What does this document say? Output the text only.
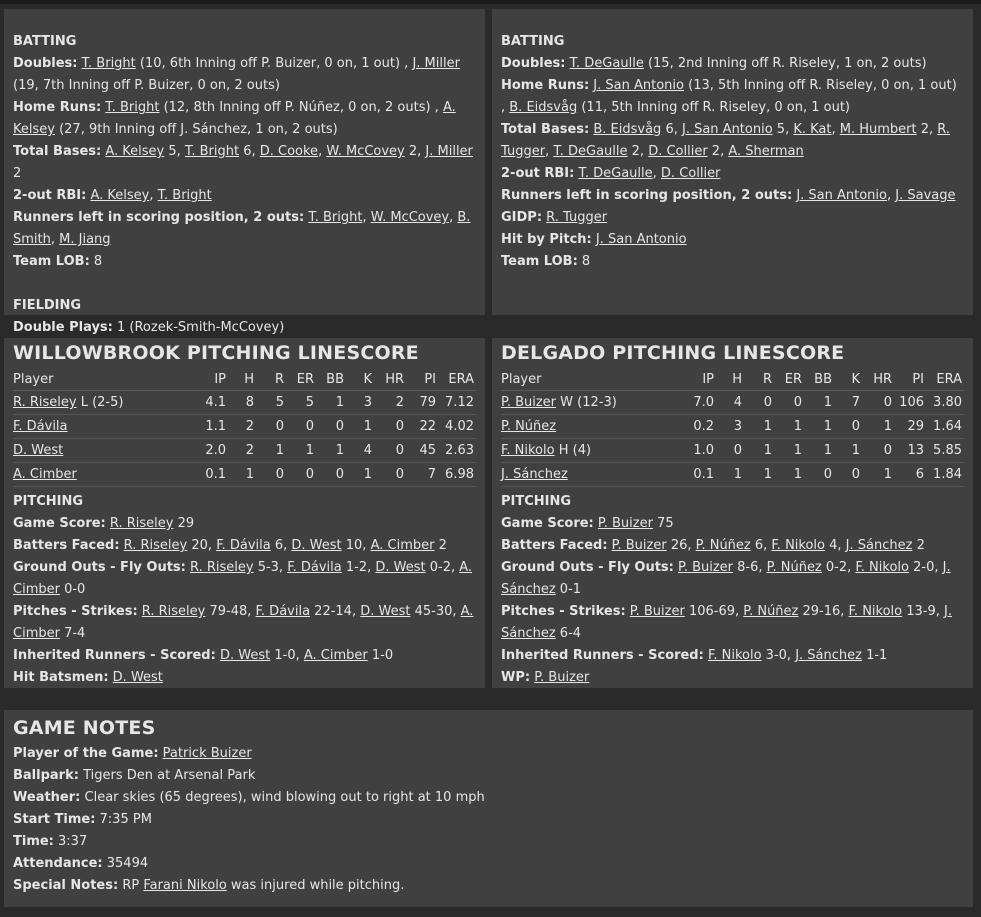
BATTING

Doubles: T. Bright (10, 6th Inning off P. Buizer, 0 on, 1 out) , J. Miller (19, 7th Inning off P. Buizer, 0 on, 2 outs)

Home Runs: T. Bright (12, 8th Inning off P. Núñez, 0 on, 2 outs) , A. Kelsey (27, 9th Inning off J. Sánchez, 1 on, 2 outs)

Total Bases: A. Kelsey 5, T. Bright 6, D. Cooke, W. McCovey 2, J. Miller 2

2-out RBI: A. Kelsey, T. Bright

Runners left in scoring position, 2 outs: T. Bright, W. McCovey, B. Smith, M. Jiang

Team LOB: 8

FIELDING

Double Plays: 1 (Rozek-Smith-McCovey)

BATTING

Doubles: T. DeGaulle (15, 2nd Inning off R. Riseley, 1 on, 2 outs)

Home Runs: J. San Antonio (13, 5th Inning off R. Riseley, 0 on, 1 out) , B. Eidsvåg (11, 5th Inning off R. Riseley, 0 on, 1 out)

Total Bases: B. Eidsvåg 6, J. San Antonio 5, K. Kat, M. Humbert 2, R. Tugger, T. DeGaulle 2, D. Collier 2, A. Sherman

2-out RBI: T. DeGaulle, D. Collier

Runners left in scoring position, 2 outs: J. San Antonio, J. Savage

GIDP: R. Tugger

Hit by Pitch: J. San Antonio

Team LOB: 8

WILLOWBROOK PITCHING LINESCORE

Player	IP	H	R	ER	BB	K	HR	PI	ERA
R. Riseley L (2-5)	4.1	8	5	5	1	3	2	79	7.12
F. Dávila	1.1	2	0	0	0	1	0	22	4.02
D. West	2.0	2	1	1	1	4	0	45	2.63
A. Cimber	0.1	1	0	0	0	1	0	7	6.98

PITCHING

Game Score: R. Riseley 29

Batters Faced: R. Riseley 20, F. Dávila 6, D. West 10, A. Cimber 2

Ground Outs - Fly Outs: R. Riseley 5-3, F. Dávila 1-2, D. West 0-2, A. Cimber 0-0

Pitches - Strikes: R. Riseley 79-48, F. Dávila 22-14, D. West 45-30, A. Cimber 7-4

Inherited Runners - Scored: D. West 1-0, A. Cimber 1-0

Hit Batsmen: D. West

DELGADO PITCHING LINESCORE

Player	IP	H	R	ER	BB	K	HR	PI	ERA
P. Buizer W (12-3)	7.0	4	0	0	1	7	0	106	3.80
P. Núñez	0.2	3	1	1	1	0	1	29	1.64
F. Nikolo H (4)	1.0	0	1	1	1	1	0	13	5.85
J. Sánchez	0.1	1	1	1	0	0	1	6	1.84

PITCHING

Game Score: P. Buizer 75

Batters Faced: P. Buizer 26, P. Núñez 6, F. Nikolo 4, J. Sánchez 2

Ground Outs - Fly Outs: P. Buizer 8-6, P. Núñez 0-2, F. Nikolo 2-0, J. Sánchez 0-1

Pitches - Strikes: P. Buizer 106-69, P. Núñez 29-16, F. Nikolo 13-9, J. Sánchez 6-4

Inherited Runners - Scored: F. Nikolo 3-0, J. Sánchez 1-1

WP: P. Buizer

GAME NOTES

Player of the Game: Patrick Buizer

Ballpark: Tigers Den at Arsenal Park

Weather: Clear skies (65 degrees), wind blowing out to right at 10 mph

Start Time: 7:35 PM

Time: 3:37

Attendance: 35494

Special Notes: RP Farani Nikolo was injured while pitching.
